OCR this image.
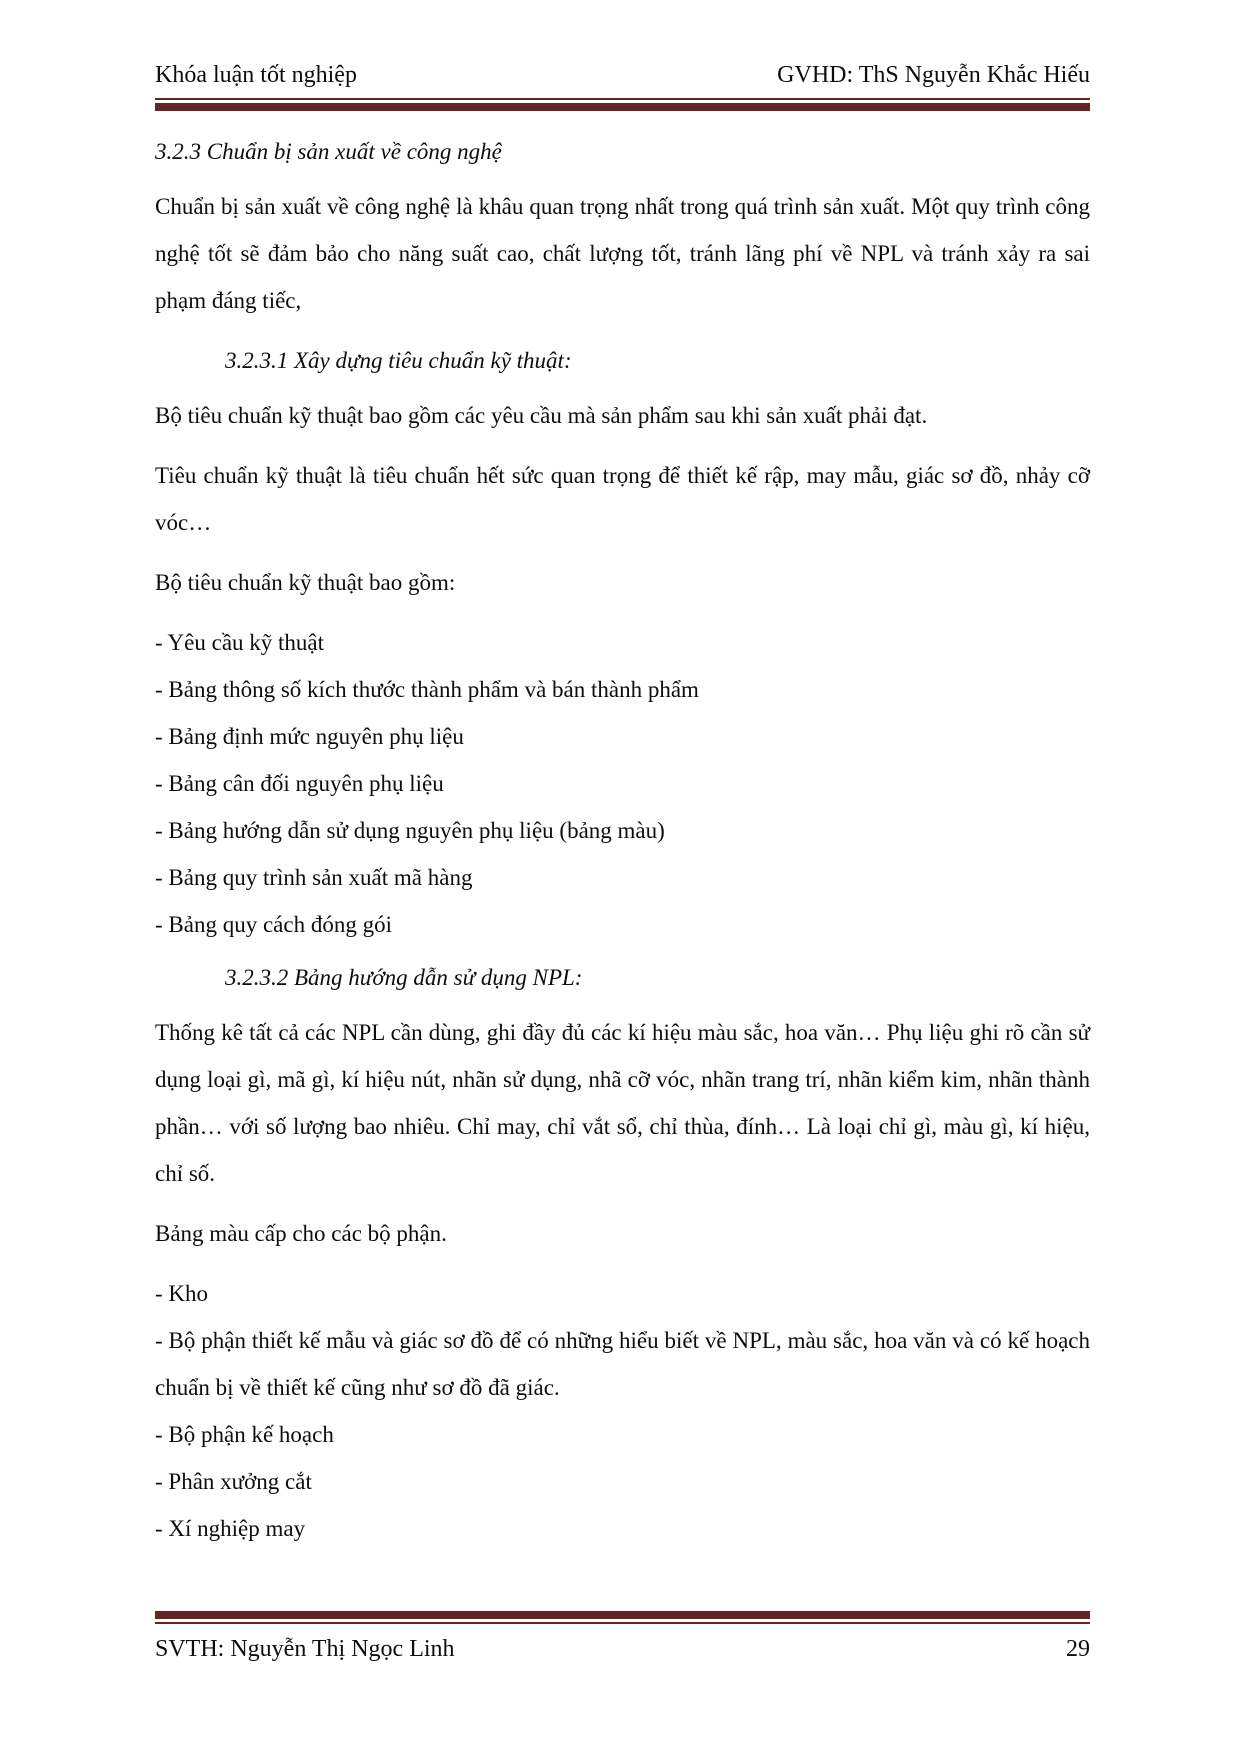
Khóa luận tốt nghiệp	GVHD: ThS Nguyễn Khắc Hiếu

3.2.3 Chuẩn bị sản xuất về công nghệ

Chuẩn bị sản xuất về công nghệ là khâu quan trọng nhất trong quá trình sản xuất. Một quy trình công nghệ tốt sẽ đảm bảo cho năng suất cao, chất lượng tốt, tránh lãng phí về NPL và tránh xảy ra sai phạm đáng tiếc,

3.2.3.1 Xây dựng tiêu chuẩn kỹ thuật:

Bộ tiêu chuẩn kỹ thuật bao gồm các yêu cầu mà sản phẩm sau khi sản xuất phải đạt.

Tiêu chuẩn kỹ thuật là tiêu chuẩn hết sức quan trọng để thiết kế rập, may mẫu, giác sơ đồ, nhảy cỡ vóc…

Bộ tiêu chuẩn kỹ thuật bao gồm:

- Yêu cầu kỹ thuật
- Bảng thông số kích thước thành phẩm và bán thành phẩm
- Bảng định mức nguyên phụ liệu
- Bảng cân đối nguyên phụ liệu
- Bảng hướng dẫn sử dụng nguyên phụ liệu (bảng màu)
- Bảng quy trình sản xuất mã hàng
- Bảng quy cách đóng gói

3.2.3.2 Bảng hướng dẫn sử dụng NPL:

Thống kê tất cả các NPL cần dùng, ghi đầy đủ các kí hiệu màu sắc, hoa văn… Phụ liệu ghi rõ cần sử dụng loại gì, mã gì, kí hiệu nút, nhãn sử dụng, nhã cỡ vóc, nhãn trang trí, nhãn kiểm kim, nhãn thành phần… với số lượng bao nhiêu. Chỉ may, chỉ vắt sổ, chỉ thùa, đính… Là loại chỉ gì, màu gì, kí hiệu, chỉ số.

Bảng màu cấp cho các bộ phận.

- Kho
- Bộ phận thiết kế mẫu và giác sơ đồ để có những hiểu biết về NPL, màu sắc, hoa văn và có kế hoạch chuẩn bị về thiết kế cũng như sơ đồ đã giác.
- Bộ phận kế hoạch
- Phân xưởng cắt
- Xí nghiệp may
SVTH: Nguyễn Thị Ngọc Linh	29
